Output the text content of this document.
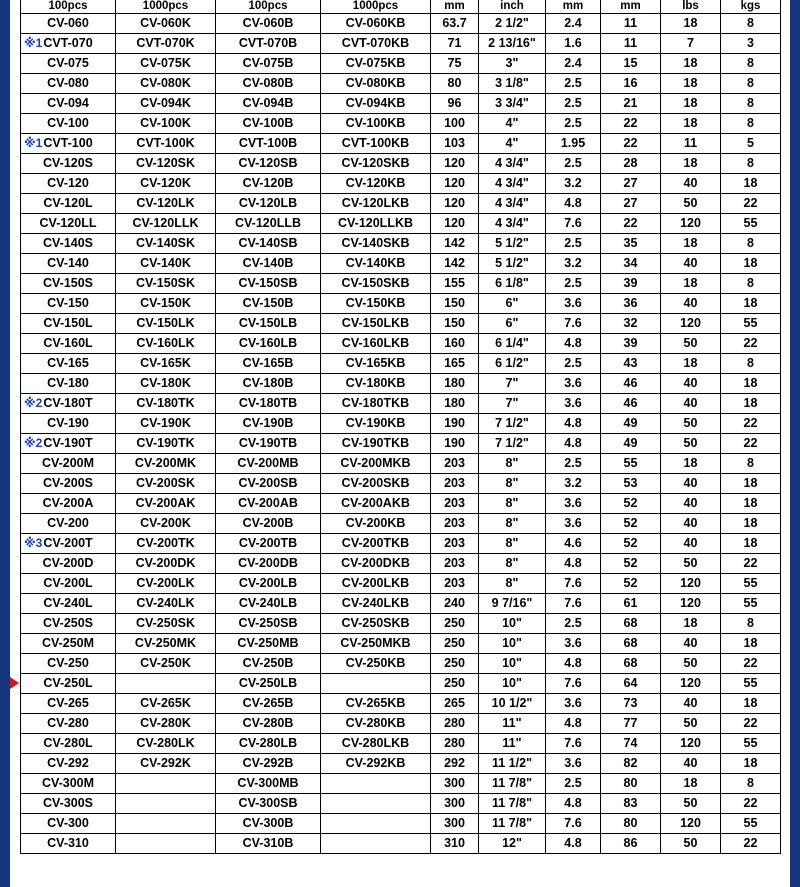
100pcs	1000pcs	100pcs	1000pcs	mm	inch	mm	mm	lbs	kgs

CV-060	CV-060K	CV-060B	CV-060KB	63.7	2 1/2"	2.4	11	18	8

※1 CVT-070	CVT-070K	CVT-070B	CVT-070KB	71	2 13/16"	1.6	11	7	3
CV-075	CV-075K	CV-075B	CV-075KB	75	3"	2.4	15	18	8
CV-080	CV-080K	CV-080B	CV-080KB	80	3 1/8"	2.5	16	18	8
CV-094	CV-094K	CV-094B	CV-094KB	96	3 3/4"	2.5	21	18	8
CV-100	CV-100K	CV-100B	CV-100KB	100	4"	2.5	22	18	8

※1 CVT-100	CVT-100K	CVT-100B	CVT-100KB	103	4"	1.95	22	11	5
CV-120S	CV-120SK	CV-120SB	CV-120SKB	120	4 3/4"	2.5	28	18	8
CV-120	CV-120K	CV-120B	CV-120KB	120	4 3/4"	3.2	27	40	18
CV-120L	CV-120LK	CV-120LB	CV-120LKB	120	4 3/4"	4.8	27	50	22
CV-120LL	CV-120LLK	CV-120LLB	CV-120LLKB	120	4 3/4"	7.6	22	120	55
CV-140S	CV-140SK	CV-140SB	CV-140SKB	142	5 1/2"	2.5	35	18	8
CV-140	CV-140K	CV-140B	CV-140KB	142	5 1/2"	3.2	34	40	18
CV-150S	CV-150SK	CV-150SB	CV-150SKB	155	6 1/8"	2.5	39	18	8
CV-150	CV-150K	CV-150B	CV-150KB	150	6"	3.6	36	40	18
CV-150L	CV-150LK	CV-150LB	CV-150LKB	150	6"	7.6	32	120	55
CV-160L	CV-160LK	CV-160LB	CV-160LKB	160	6 1/4"	4.8	39	50	22
CV-165	CV-165K	CV-165B	CV-165KB	165	6 1/2"	2.5	43	18	8
CV-180	CV-180K	CV-180B	CV-180KB	180	7"	3.6	46	40	18

※2 CV-180T	CV-180TK	CV-180TB	CV-180TKB	180	7"	3.6	46	40	18
CV-190	CV-190K	CV-190B	CV-190KB	190	7 1/2"	4.8	49	50	22

※2 CV-190T	CV-190TK	CV-190TB	CV-190TKB	190	7 1/2"	4.8	49	50	22
CV-200M	CV-200MK	CV-200MB	CV-200MKB	203	8"	2.5	55	18	8
CV-200S	CV-200SK	CV-200SB	CV-200SKB	203	8"	3.2	53	40	18
CV-200A	CV-200AK	CV-200AB	CV-200AKB	203	8"	3.6	52	40	18
CV-200	CV-200K	CV-200B	CV-200KB	203	8"	3.6	52	40	18

※3 CV-200T	CV-200TK	CV-200TB	CV-200TKB	203	8"	4.6	52	40	18
CV-200D	CV-200DK	CV-200DB	CV-200DKB	203	8"	4.8	52	50	22
CV-200L	CV-200LK	CV-200LB	CV-200LKB	203	8"	7.6	52	120	55
CV-240L	CV-240LK	CV-240LB	CV-240LKB	240	9 7/16"	7.6	61	120	55
CV-250S	CV-250SK	CV-250SB	CV-250SKB	250	10"	2.5	68	18	8
CV-250M	CV-250MK	CV-250MB	CV-250MKB	250	10"	3.6	68	40	18
CV-250	CV-250K	CV-250B	CV-250KB	250	10"	4.8	68	50	22

CV-250L		CV-250LB		250	10"	7.6	64	120	55
CV-265	CV-265K	CV-265B	CV-265KB	265	10 1/2"	3.6	73	40	18
CV-280	CV-280K	CV-280B	CV-280KB	280	11"	4.8	77	50	22
CV-280L	CV-280LK	CV-280LB	CV-280LKB	280	11"	7.6	74	120	55
CV-292	CV-292K	CV-292B	CV-292KB	292	11 1/2"	3.6	82	40	18
CV-300M		CV-300MB		300	11 7/8"	2.5	80	18	8
CV-300S		CV-300SB		300	11 7/8"	4.8	83	50	22
CV-300		CV-300B		300	11 7/8"	7.6	80	120	55
CV-310		CV-310B		310	12"	4.8	86	50	22
